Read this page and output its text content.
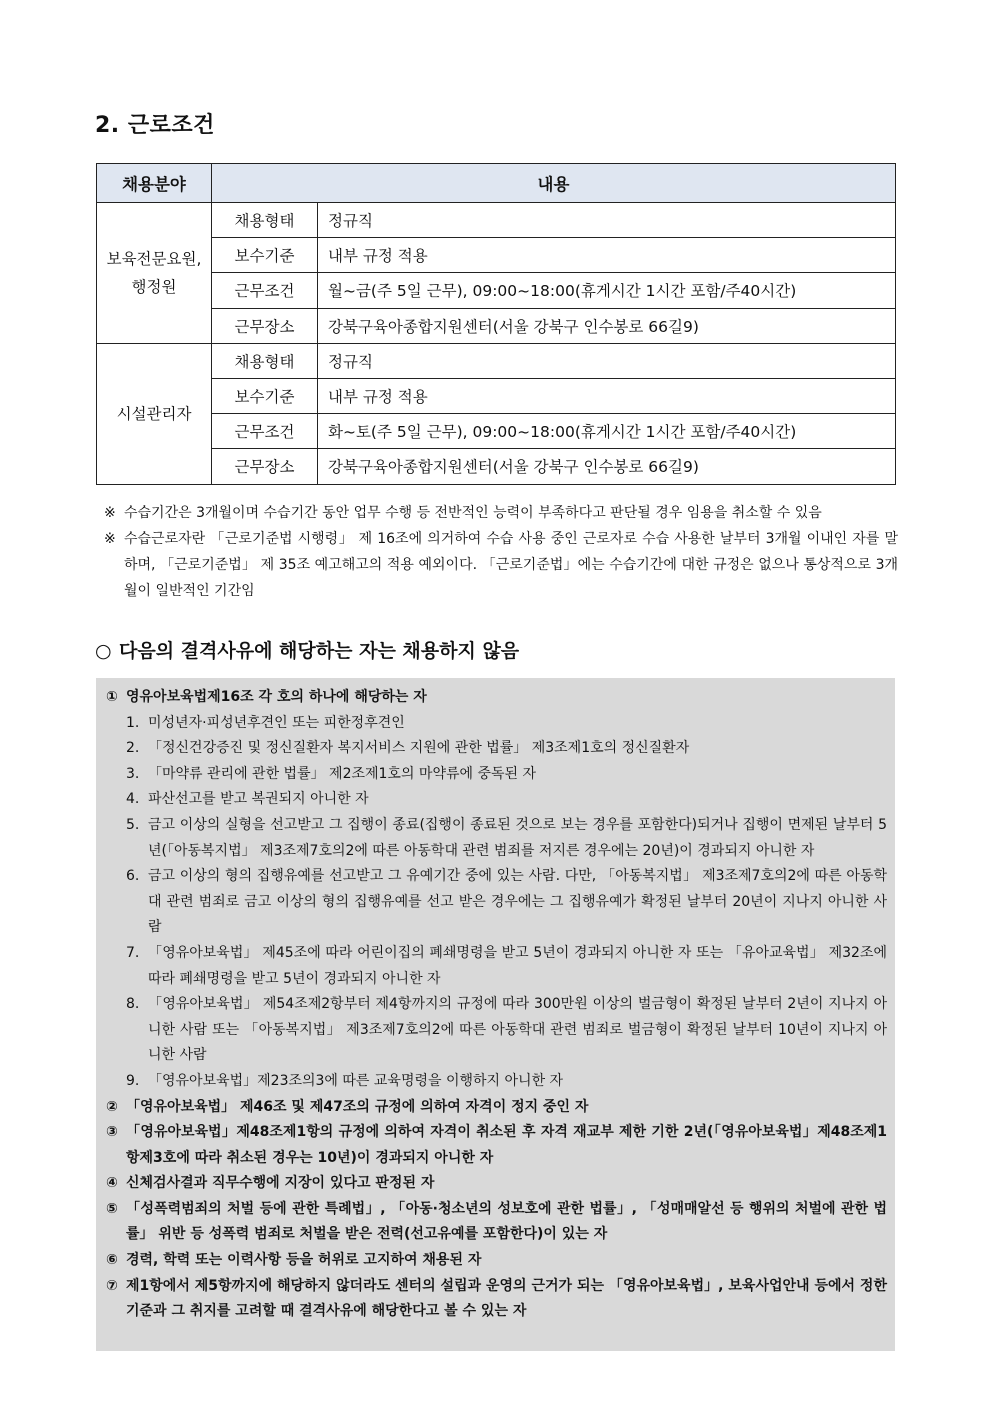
2. 근로조건
채용분야	내용	

보육전문요원,
행정원	채용형태	정규직
	보수기준	내부 규정 적용
	근무조건	월~금(주 5일 근무), 09:00~18:00(휴게시간 1시간 포함/주40시간)
	근무장소	강북구육아종합지원센터(서울 강북구 인수봉로 66길9)

시설관리자	채용형태	정규직
	보수기준	내부 규정 적용
	근무조건	화~토(주 5일 근무), 09:00~18:00(휴게시간 1시간 포함/주40시간)
	근무장소	강북구육아종합지원센터(서울 강북구 인수봉로 66길9)
※ 수습기간은 3개월이며 수습기간 동안 업무 수행 등 전반적인 능력이 부족하다고 판단될 경우 임용을 취소할 수 있음
※ 수습근로자란 「근로기준법 시행령」 제 16조에 의거하여 수습 사용 중인 근로자로 수습 사용한 날부터 3개월 이내인 자를 말하며, 「근로기준법」 제 35조 예고해고의 적용 예외이다. 「근로기준법」에는 수습기간에 대한 규정은 없으나 통상적으로 3개월이 일반적인 기간임
○ 다음의 결격사유에 해당하는 자는 채용하지 않음
① 영유아보육법제16조 각 호의 하나에 해당하는 자
1. 미성년자·피성년후견인 또는 피한정후견인
2. 「정신건강증진 및 정신질환자 복지서비스 지원에 관한 법률」 제3조제1호의 정신질환자
3. 「마약류 관리에 관한 법률」 제2조제1호의 마약류에 중독된 자
4. 파산선고를 받고 복권되지 아니한 자
5. 금고 이상의 실형을 선고받고 그 집행이 종료(집행이 종료된 것으로 보는 경우를 포함한다)되거나 집행이 면제된 날부터 5년(「아동복지법」 제3조제7호의2에 따른 아동학대 관련 범죄를 저지른 경우에는 20년)이 경과되지 아니한 자
6. 금고 이상의 형의 집행유예를 선고받고 그 유예기간 중에 있는 사람. 다만, 「아동복지법」 제3조제7호의2에 따른 아동학대 관련 범죄로 금고 이상의 형의 집행유예를 선고 받은 경우에는 그 집행유예가 확정된 날부터 20년이 지나지 아니한 사람
7. 「영유아보육법」 제45조에 따라 어린이집의 폐쇄명령을 받고 5년이 경과되지 아니한 자 또는 「유아교육법」 제32조에 따라 폐쇄명령을 받고 5년이 경과되지 아니한 자
8. 「영유아보육법」 제54조제2항부터 제4항까지의 규정에 따라 300만원 이상의 벌금형이 확정된 날부터 2년이 지나지 아니한 사람 또는 「아동복지법」 제3조제7호의2에 따른 아동학대 관련 범죄로 벌금형이 확정된 날부터 10년이 지나지 아니한 사람
9. 「영유아보육법」제23조의3에 따른 교육명령을 이행하지 아니한 자
② 「영유아보육법」 제46조 및 제47조의 규정에 의하여 자격이 정지 중인 자
③ 「영유아보육법」제48조제1항의 규정에 의하여 자격이 취소된 후 자격 재교부 제한 기한 2년(「영유아보육법」제48조제1항제3호에 따라 취소된 경우는 10년)이 경과되지 아니한 자
④ 신체검사결과 직무수행에 지장이 있다고 판정된 자
⑤ 「성폭력범죄의 처벌 등에 관한 특례법」, 「아동·청소년의 성보호에 관한 법률」, 「성매매알선 등 행위의 처벌에 관한 법률」 위반 등 성폭력 범죄로 처벌을 받은 전력(선고유예를 포함한다)이 있는 자
⑥ 경력, 학력 또는 이력사항 등을 허위로 고지하여 채용된 자
⑦ 제1항에서 제5항까지에 해당하지 않더라도 센터의 설립과 운영의 근거가 되는 「영유아보육법」, 보육사업안내 등에서 정한 기준과 그 취지를 고려할 때 결격사유에 해당한다고 볼 수 있는 자
